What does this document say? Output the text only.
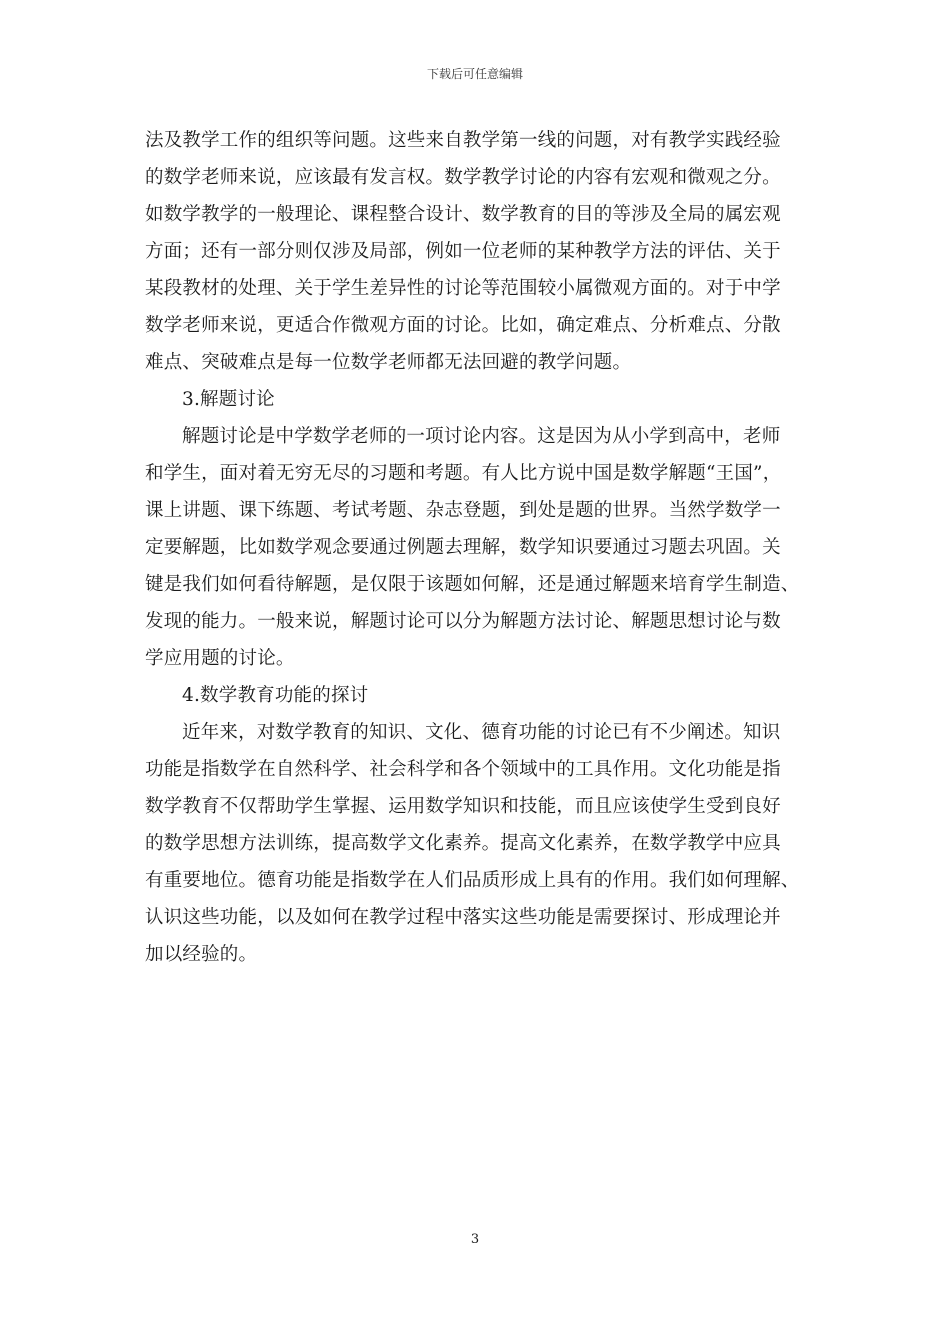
下载后可任意编辑
法及教学工作的组织等问题。这些来自教学第一线的问题，对有教学实践经验
的数学老师来说，应该最有发言权。数学教学讨论的内容有宏观和微观之分。
如数学教学的一般理论、课程整合设计、数学教育的目的等涉及全局的属宏观
方面；还有一部分则仅涉及局部，例如一位老师的某种教学方法的评估、关于
某段教材的处理、关于学生差异性的讨论等范围较小属微观方面的。对于中学
数学老师来说，更适合作微观方面的讨论。比如，确定难点、分析难点、分散
难点、突破难点是每一位数学老师都无法回避的教学问题。
3.解题讨论
解题讨论是中学数学老师的一项讨论内容。这是因为从小学到高中，老师
和学生，面对着无穷无尽的习题和考题。有人比方说中国是数学解题“王国”，
课上讲题、课下练题、考试考题、杂志登题，到处是题的世界。当然学数学一
定要解题，比如数学观念要通过例题去理解，数学知识要通过习题去巩固。关
键是我们如何看待解题，是仅限于该题如何解，还是通过解题来培育学生制造、
发现的能力。一般来说，解题讨论可以分为解题方法讨论、解题思想讨论与数
学应用题的讨论。
4.数学教育功能的探讨
近年来，对数学教育的知识、文化、德育功能的讨论已有不少阐述。知识
功能是指数学在自然科学、社会科学和各个领域中的工具作用。文化功能是指
数学教育不仅帮助学生掌握、运用数学知识和技能，而且应该使学生受到良好
的数学思想方法训练，提高数学文化素养。提高文化素养，在数学教学中应具
有重要地位。德育功能是指数学在人们品质形成上具有的作用。我们如何理解、
认识这些功能，以及如何在教学过程中落实这些功能是需要探讨、形成理论并
加以经验的。
3
